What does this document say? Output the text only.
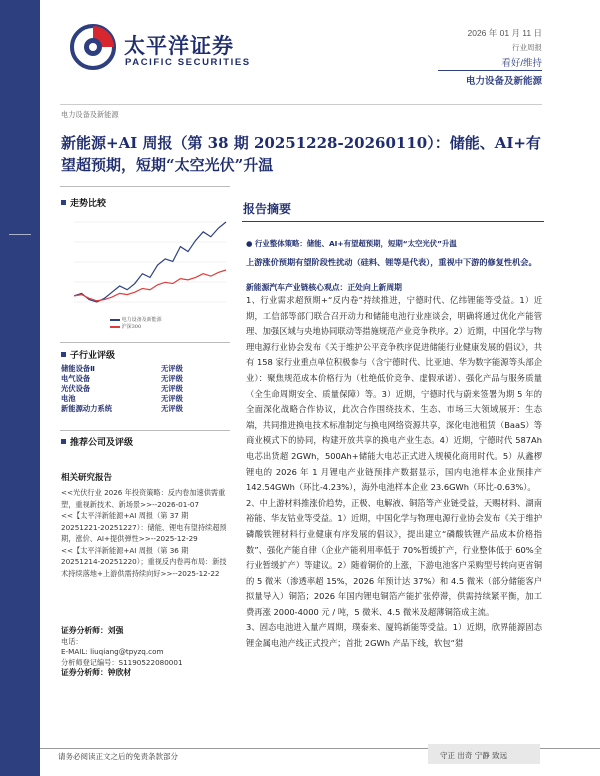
太平洋证券
PACIFIC SECURITIES
2026 年 01 月 11 日
行业周报
看好/维持
电力设备及新能源
电力设备及新能源
新能源+AI 周报（第 38 期 20251228-20260110）：储能、AI+有望超预期，短期“太空光伏”升温
走势比较
电力设备及新能源
沪深300
子行业评级
储能设备Ⅱ	无评级
电气设备	无评级
光伏设备	无评级
电池	无评级
新能源动力系统	无评级
推荐公司及评级
相关研究报告
<<光伏行业 2026 年投资策略：反内卷加速供需重塑，重视新技术、新场景>>--2026-01-07
<<【太平洋新能源+AI 周报（第 37 期 20251221-20251227）：储能、锂电有望持续超预期，涨价、AI+提供弹性>>--2025-12-29
<<【太平洋新能源+AI 周报（第 36 期 20251214-20251220）；重视反内卷再布局：新技术持续落地+上游供需持续向好>>--2025-12-22
证券分析师：刘强
电话：
E-MAIL: liuqiang@tpyzq.com
分析师登记编号：S1190522080001
证券分析师：钟欣材
报告摘要
● 行业整体策略：储能、AI+有望超预期，短期“太空光伏”升温
上游涨价预期有望阶段性扰动（硅料、锂等是代表），重视中下游的修复性机会。
新能源汽车产业链核心观点：正处向上新周期
1、行业需求超预期+“反内卷”持续推进，宁德时代、亿纬锂能等受益。1）近期，工信部等部门联合召开动力和储能电池行业座谈会，明确将通过优化产能管理、加强区域与央地协同联动等措施规范产业竞争秩序。2）近期，中国化学与物理电源行业协会发布《关于维护公平竞争秩序促进储能行业健康发展的倡议》，共有 158 家行业重点单位积极参与（含宁德时代、比亚迪、华为数字能源等头部企业）：聚焦规范成本价格行为（杜绝低价竞争、虚假承诺）、强化产品与服务质量（全生命周期安全、质量保障）等。3）近期，宁德时代与蔚来签署为期 5 年的全面深化战略合作协议，此次合作围绕技术、生态、市场三大领域展开：生态端，共同推进换电技术标准制定与换电网络资源共享，深化电池租赁（BaaS）等商业模式下的协同，构建开放共享的换电产业生态。4）近期，宁德时代 587Ah 电芯出货超 2GWh，500Ah+储能大电芯正式进入规模化商用时代。5）从鑫椤锂电的 2026 年 1 月锂电产业链预排产数据显示，国内电池样本企业预排产 142.54GWh（环比-4.23%），海外电池样本企业 23.6GWh（环比-0.63%）。
2、中上游材料推涨价趋势，正极、电解液、铜箔等产业链受益，天赐材料、湖南裕能、华友钴业等受益。1）近期，中国化学与物理电源行业协会发布《关于维护磷酸铁锂材料行业健康有序发展的倡议》，提出建立“磷酸铁锂产品成本价格指数”、强化产能自律（企业产能利用率低于 70%暂缓扩产，行业整体低于 60%全行业暂缓扩产）等建议。2）随着铜价的上涨，下游电池客户采购型号转向更省铜的 5 微米（渗透率超 15%，2026 年预计达 37%）和 4.5 微米（部分储能客户拟量导入）铜箔；2026 年国内锂电铜箔产能扩张停滞，供需持续紧平衡，加工费再涨 2000-4000 元 / 吨，5 微米、4.5 微米及超薄铜箔成主流。
3、固态电池进入量产周期，璞泰来、厦钨新能等受益。1）近期，欣界能源固态锂金属电池产线正式投产；首批 2GWh 产品下线，软包“猎
请务必阅读正文之后的免责条款部分	守正 出奇 宁静 致远
